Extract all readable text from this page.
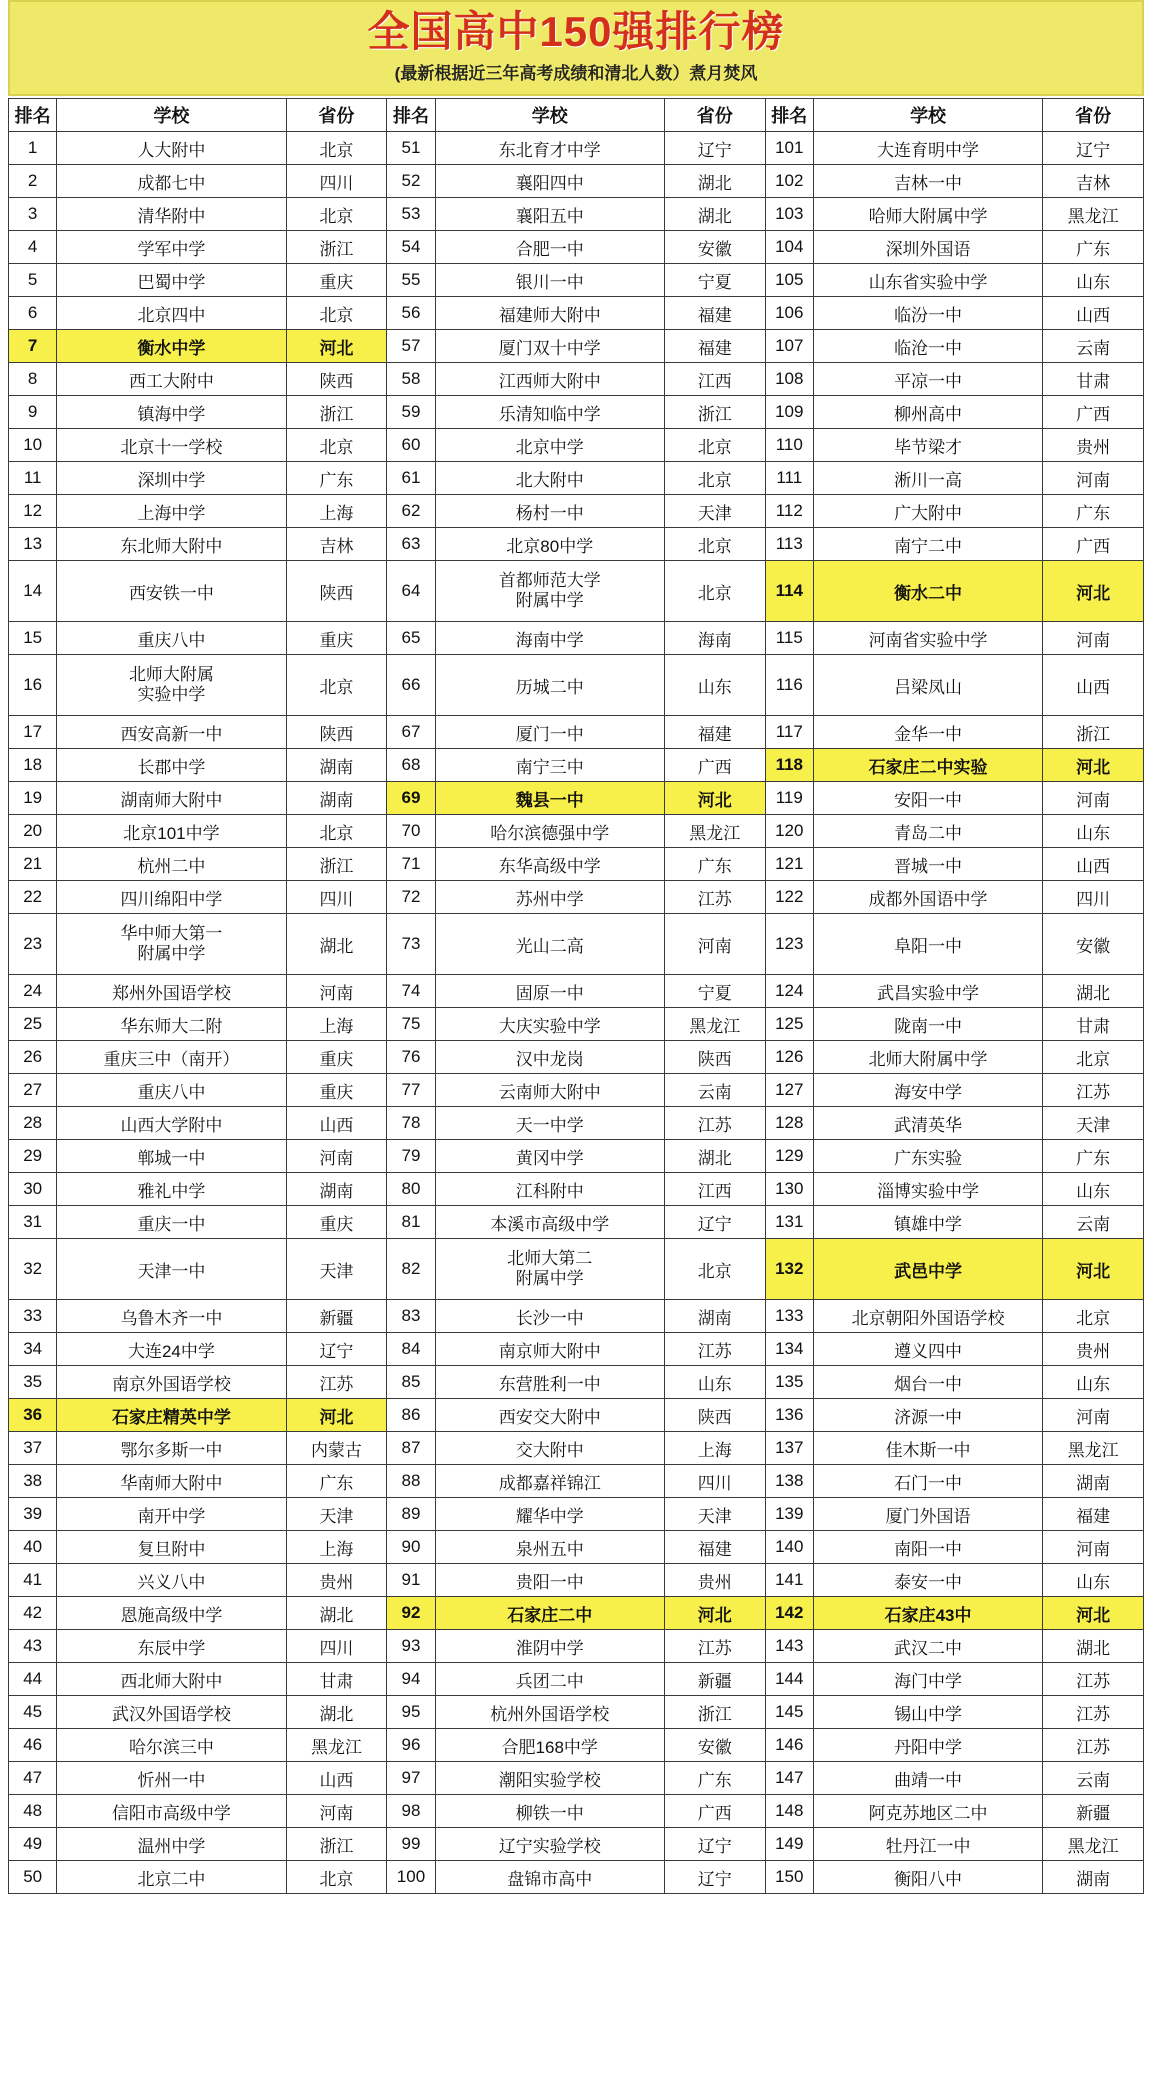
全国高中150强排行榜
(最新根据近三年高考成绩和清北人数）煮月焚风
排名	学校	省份	排名	学校	省份	排名	学校	省份
1	人大附中	北京	51	东北育才中学	辽宁	101	大连育明中学	辽宁
2	成都七中	四川	52	襄阳四中	湖北	102	吉林一中	吉林
3	清华附中	北京	53	襄阳五中	湖北	103	哈师大附属中学	黑龙江
4	学军中学	浙江	54	合肥一中	安徽	104	深圳外国语	广东
5	巴蜀中学	重庆	55	银川一中	宁夏	105	山东省实验中学	山东
6	北京四中	北京	56	福建师大附中	福建	106	临汾一中	山西
7	衡水中学	河北	57	厦门双十中学	福建	107	临沧一中	云南
8	西工大附中	陕西	58	江西师大附中	江西	108	平凉一中	甘肃
9	镇海中学	浙江	59	乐清知临中学	浙江	109	柳州高中	广西
10	北京十一学校	北京	60	北京中学	北京	110	毕节梁才	贵州
11	深圳中学	广东	61	北大附中	北京	111	淅川一高	河南
12	上海中学	上海	62	杨村一中	天津	112	广大附中	广东
13	东北师大附中	吉林	63	北京80中学	北京	113	南宁二中	广西
14	西安铁一中	陕西	64	首都师范大学
附属中学	北京	114	衡水二中	河北
15	重庆八中	重庆	65	海南中学	海南	115	河南省实验中学	河南
16	北师大附属
实验中学	北京	66	历城二中	山东	116	吕梁凤山	山西
17	西安高新一中	陕西	67	厦门一中	福建	117	金华一中	浙江
18	长郡中学	湖南	68	南宁三中	广西	118	石家庄二中实验	河北
19	湖南师大附中	湖南	69	魏县一中	河北	119	安阳一中	河南
20	北京101中学	北京	70	哈尔滨德强中学	黑龙江	120	青岛二中	山东
21	杭州二中	浙江	71	东华高级中学	广东	121	晋城一中	山西
22	四川绵阳中学	四川	72	苏州中学	江苏	122	成都外国语中学	四川
23	华中师大第一
附属中学	湖北	73	光山二高	河南	123	阜阳一中	安徽
24	郑州外国语学校	河南	74	固原一中	宁夏	124	武昌实验中学	湖北
25	华东师大二附	上海	75	大庆实验中学	黑龙江	125	陇南一中	甘肃
26	重庆三中（南开）	重庆	76	汉中龙岗	陕西	126	北师大附属中学	北京
27	重庆八中	重庆	77	云南师大附中	云南	127	海安中学	江苏
28	山西大学附中	山西	78	天一中学	江苏	128	武清英华	天津
29	郸城一中	河南	79	黄冈中学	湖北	129	广东实验	广东
30	雅礼中学	湖南	80	江科附中	江西	130	淄博实验中学	山东
31	重庆一中	重庆	81	本溪市高级中学	辽宁	131	镇雄中学	云南
32	天津一中	天津	82	北师大第二
附属中学	北京	132	武邑中学	河北
33	乌鲁木齐一中	新疆	83	长沙一中	湖南	133	北京朝阳外国语学校	北京
34	大连24中学	辽宁	84	南京师大附中	江苏	134	遵义四中	贵州
35	南京外国语学校	江苏	85	东营胜利一中	山东	135	烟台一中	山东
36	石家庄精英中学	河北	86	西安交大附中	陕西	136	济源一中	河南
37	鄂尔多斯一中	内蒙古	87	交大附中	上海	137	佳木斯一中	黑龙江
38	华南师大附中	广东	88	成都嘉祥锦江	四川	138	石门一中	湖南
39	南开中学	天津	89	耀华中学	天津	139	厦门外国语	福建
40	复旦附中	上海	90	泉州五中	福建	140	南阳一中	河南
41	兴义八中	贵州	91	贵阳一中	贵州	141	泰安一中	山东
42	恩施高级中学	湖北	92	石家庄二中	河北	142	石家庄43中	河北
43	东辰中学	四川	93	淮阴中学	江苏	143	武汉二中	湖北
44	西北师大附中	甘肃	94	兵团二中	新疆	144	海门中学	江苏
45	武汉外国语学校	湖北	95	杭州外国语学校	浙江	145	锡山中学	江苏
46	哈尔滨三中	黑龙江	96	合肥168中学	安徽	146	丹阳中学	江苏
47	忻州一中	山西	97	潮阳实验学校	广东	147	曲靖一中	云南
48	信阳市高级中学	河南	98	柳铁一中	广西	148	阿克苏地区二中	新疆
49	温州中学	浙江	99	辽宁实验学校	辽宁	149	牡丹江一中	黑龙江
50	北京二中	北京	100	盘锦市高中	辽宁	150	衡阳八中	湖南
